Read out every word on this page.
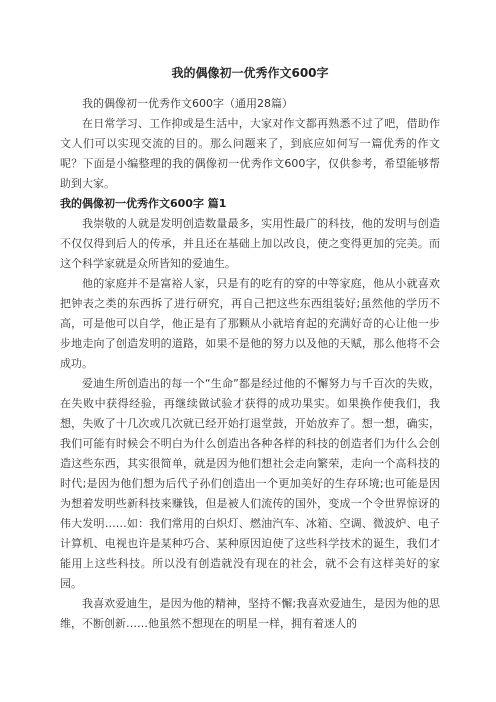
我的偶像初一优秀作文600字

我的偶像初一优秀作文600字（通用28篇）

在日常学习、工作抑或是生活中，大家对作文都再熟悉不过了吧，借助作文人们可以实现交流的目的。那么问题来了，到底应如何写一篇优秀的作文呢？下面是小编整理的我的偶像初一优秀作文600字，仅供参考，希望能够帮助到大家。

我的偶像初一优秀作文600字 篇1

我崇敬的人就是发明创造数量最多，实用性最广的科技，他的发明与创造不仅仅得到后人的传承，并且还在基础上加以改良，使之变得更加的完美。而这个科学家就是众所皆知的爱迪生。

他的家庭并不是富裕人家，只是有的吃有的穿的中等家庭，他从小就喜欢把钟表之类的东西拆了进行研究，再自己把这些东西组装好;虽然他的学历不高，可是他可以自学，他正是有了那颗从小就培育起的充满好奇的心让他一步步地走向了创造发明的道路，如果不是他的努力以及他的天赋，那么他将不会成功。

爱迪生所创造出的每一个“生命”都是经过他的不懈努力与千百次的失败，在失败中获得经验，再继续做试验才获得的成功果实。如果换作使我们，我想，失败了十几次或几次就已经开始打退堂鼓，开始放弃了。想一想，确实，我们可能有时候会不明白为什么创造出各种各样的科技的创造者们为什么会创造这些东西，其实很简单，就是因为他们想社会走向繁荣，走向一个高科技的时代;是因为他们想为后代子孙们创造出一个更加美好的生存环境;也可能是因为想着发明些新科技来赚钱，但是被人们流传的国外，变成一个令世界惊讶的伟大发明……如：我们常用的白炽灯、燃油汽车、冰箱、空调、微波炉、电子计算机、电视也许是某种巧合、某种原因迫使了这些科学技术的诞生，我们才能用上这些科技。所以没有创造就没有现在的社会，就不会有这样美好的家园。

我喜欢爱迪生，是因为他的精神，坚持不懈;我喜欢爱迪生，是因为他的思维，不断创新……他虽然不想现在的明星一样，拥有着迷人的
